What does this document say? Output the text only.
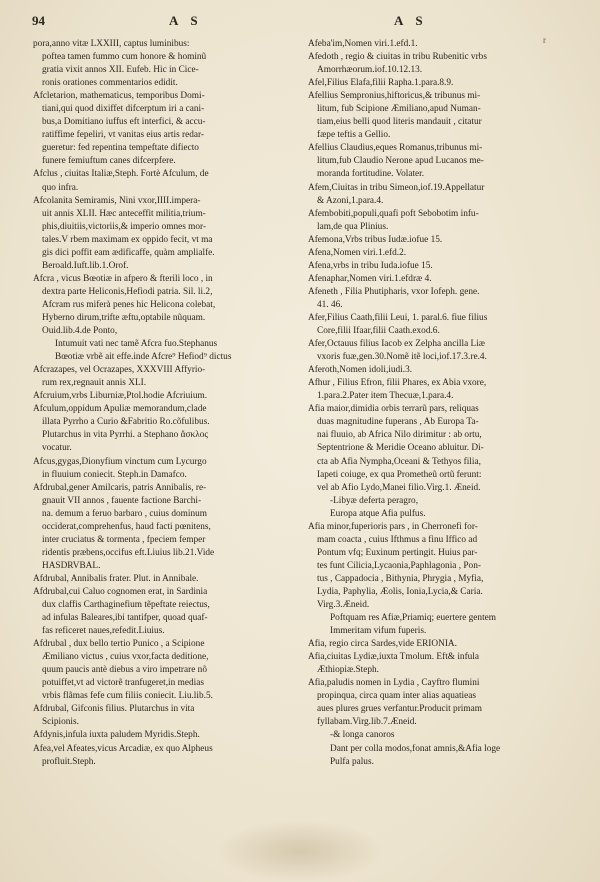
94	AS	AS
r
pora,anno vitæ LXXIII, captus luminibus:
poftea tamen fummo cum honore & hominũ
gratia vixit annos XII. Eufeb. Hic in Cice-
ronis orationes commentarios edidit.
Afcletarion, mathematicus, temporibus Domi-
tiani,qui quod dixiffet difcerptum iri a cani-
bus,a Domitiano iuffus eft interfici, & accu-
ratiffime fepeliri, vt vanitas eius artis redar-
gueretur: fed repentina tempeftate difiecto
funere femiuftum canes difcerpfere.
Afclus , ciuitas Italiæ,Steph. Fortè Afculum, de
quo infra.
Afcolanita Semiramis, Nini vxor,IIII.impera-
uit annis XLII. Hæc anteceffit militia,trium-
phis,diuitiis,victoriis,& imperio omnes mor-
tales.V rbem maximam ex oppido fecit, vt ma
gis dici poffit eam ædificaffe, quàm amplialfe.
Beroald.Iuft.lib.1.Orof.
Afcra , vicus Bœotiæ in afpero & fterili loco , in
dextra parte Heliconis,Hefiodi patria. Sil. li.2,
Afcram rus miferà penes hic Helicona colebat,
Hyberno dirum,trifte æftu,optabile nũquam.
Ouid.lib.4.de Ponto,
Intumuit vati nec tamẽ Afcra fuo.Stephanus
Bœotiæ vrbẽ ait effe.inde Afcre⁹ Hefiod⁹ dictus
Afcrazapes, vel Ocrazapes, XXXVIII Affyrio-
rum rex,regnauit annis XLI.
Afcruium,vrbs Liburniæ,Ptol.hodie Afcriuium.
Afculum,oppidum Apuliæ memorandum,clade
illata Pyrrho a Curio &Fabritio Ro.cõfulibus.
Plutarchus in vita Pyrrhi. a Stephano ἄσκλος
vocatur.
Afcus,gygas,Dionyfium vinctum cum Lycurgo
in fluuium coniecit. Steph.in Damafco.
Afdrubal,gener Amilcaris, patris Annibalis, re-
gnauit VII annos , fauente factione Barchi-
na. demum a feruo barbaro , cuius dominum
occiderat,comprehenfus, haud facti pœnitens,
inter cruciatus & tormenta , fpeciem femper
ridentis præbens,occifus eft.Liuius lib.21.Vide
HASDRVBAL.
Afdrubal, Annibalis frater. Plut. in Annibale.
Afdrubal,cui Caluo cognomen erat, in Sardinia
dux claffis Carthaginefium tẽpeftate reiectus,
ad infulas Baleares,ibi tantifper, quoad quaf-
fas reficeret naues,refedit.Liuius.
Afdrubal , dux bello tertio Punico , a Scipione
Æmiliano victus , cuius vxor,facta deditione,
quum paucis antè diebus a viro impetrare nõ
potuiffet,vt ad victorẽ tranfugeret,in medias
vrbis flãmas fefe cum filiis coniecit. Liu.lib.5.
Afdrubal, Gifconis filius. Plutarchus in vita
Scipionis.
Afdynis,infula iuxta paludem Myridis.Steph.
Afea,vel Afeates,vicus Arcadiæ, ex quo Alpheus
profluit.Steph.
Afeba'im,Nomen viri.1.efd.1.
Afedoth , regio & ciuitas in tribu Rubenitic vrbs
Amorrhæorum.iof.10.12.13.
Afel,Filius Elafa,filii Rapha.1.para.8.9.
Afellius Sempronius,hiftoricus,& tribunus mi-
litum, fub Scipione Æmiliano,apud Numan-
tiam,eius belli quod literis mandauit , citatur
fæpe teftis a Gellio.
Afellius Claudius,eques Romanus,tribunus mi-
litum,fub Claudio Nerone apud Lucanos me-
moranda fortitudine. Volater.
Afem,Ciuitas in tribu Simeon,iof.19.Appellatur
& Azoni,1.para.4.
Afembobiti,populi,quafi poft Sebobotim infu-
lam,de qua Plinius.
Afemona,Vrbs tribus Iudæ.iofue 15.
Afena,Nomen viri.1.efd.2.
Afena,vrbs in tribu Iuda.iofue 15.
Afenaphar,Nomen viri.1.efdræ 4.
Afeneth , Filia Phutipharis, vxor Iofeph. gene.
41. 46.
Afer,Filius Caath,filii Leui, 1. paral.6. fiue filius
Core,filii Ifaar,filii Caath.exod.6.
Afer,Octauus filius Iacob ex Zelpha ancilla Liæ
vxoris fuæ,gen.30.Nomẽ itẽ loci,iof.17.3.re.4.
Aferoth,Nomen idoli,iudi.3.
Afhur , Filius Efron, filii Phares, ex Abia vxore,
1.para.2.Pater item Thecuæ,1.para.4.
Afia maior,dimidia orbis terrarũ pars, reliquas
duas magnitudine fuperans , Ab Europa Ta-
nai fluuio, ab Africa Nilo dirimitur : ab ortu,
Septentrione & Meridie Oceano abluitur. Di-
cta ab Afia Nympha,Oceani & Tethyos filia,
Iapeti coiuge, ex qua Prometheũ ortũ ferunt:
vel ab Afio Lydo,Manei filio.Virg.1. Æneid.
-Libyæ deferta peragro,
Europa atque Afia pulfus.
Afia minor,fuperioris pars , in Cherronefi for-
mam coacta , cuius Ifthmus a finu Iffico ad
Pontum vfq; Euxinum pertingit. Huius par-
tes funt Cilicia,Lycaonia,Paphlagonia , Pon-
tus , Cappadocia , Bithynia, Phrygia , Myfia,
Lydia, Paphylia, Æolis, Ionia,Lycia,& Caria.
Virg.3.Æneid.
Poftquam res Afiæ,Priamiq; euertere gentem
Immeritam vifum fuperis.
Afia, regio circa Sardes,vide ERIONIA.
Afia,ciuitas Lydiæ,iuxta Tmolum. Eft& infula
Æthiopiæ.Steph.
Afia,paludis nomen in Lydia , Cayftro flumini
propinqua, circa quam inter alias aquatieas
aues plures grues verfantur.Producit primam
fyllabam.Virg.lib.7.Æneid.
-& longa canoros
Dant per colla modos,fonat amnis,&Afia loge
Pulfa palus.
